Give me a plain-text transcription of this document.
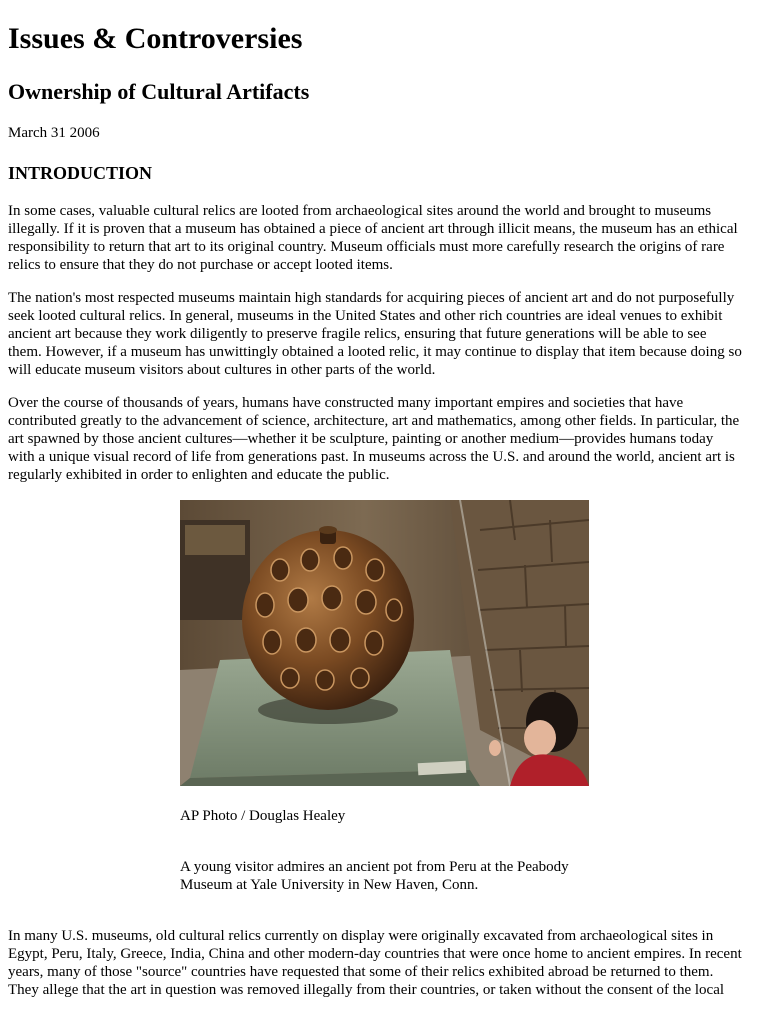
Issues & Controversies
Ownership of Cultural Artifacts
March 31 2006
INTRODUCTION
In some cases, valuable cultural relics are looted from archaeological sites around the world and brought to museums
illegally. If it is proven that a museum has obtained a piece of ancient art through illicit means, the museum has an ethical
responsibility to return that art to its original country. Museum officials must more carefully research the origins of rare
relics to ensure that they do not purchase or accept looted items.
The nation's most respected museums maintain high standards for acquiring pieces of ancient art and do not purposefully
seek looted cultural relics. In general, museums in the United States and other rich countries are ideal venues to exhibit
ancient art because they work diligently to preserve fragile relics, ensuring that future generations will be able to see
them. However, if a museum has unwittingly obtained a looted relic, it may continue to display that item because doing so
will educate museum visitors about cultures in other parts of the world.
Over the course of thousands of years, humans have constructed many important empires and societies that have
contributed greatly to the advancement of science, architecture, art and mathematics, among other fields. In particular, the
art spawned by those ancient cultures—whether it be sculpture, painting or another medium—provides humans today
with a unique visual record of life from generations past. In museums across the U.S. and around the world, ancient art is
regularly exhibited in order to enlighten and educate the public.
AP Photo / Douglas Healey
A young visitor admires an ancient pot from Peru at the Peabody
Museum at Yale University in New Haven, Conn.
In many U.S. museums, old cultural relics currently on display were originally excavated from archaeological sites in
Egypt, Peru, Italy, Greece, India, China and other modern-day countries that were once home to ancient empires. In recent
years, many of those "source" countries have requested that some of their relics exhibited abroad be returned to them.
They allege that the art in question was removed illegally from their countries, or taken without the consent of the local
